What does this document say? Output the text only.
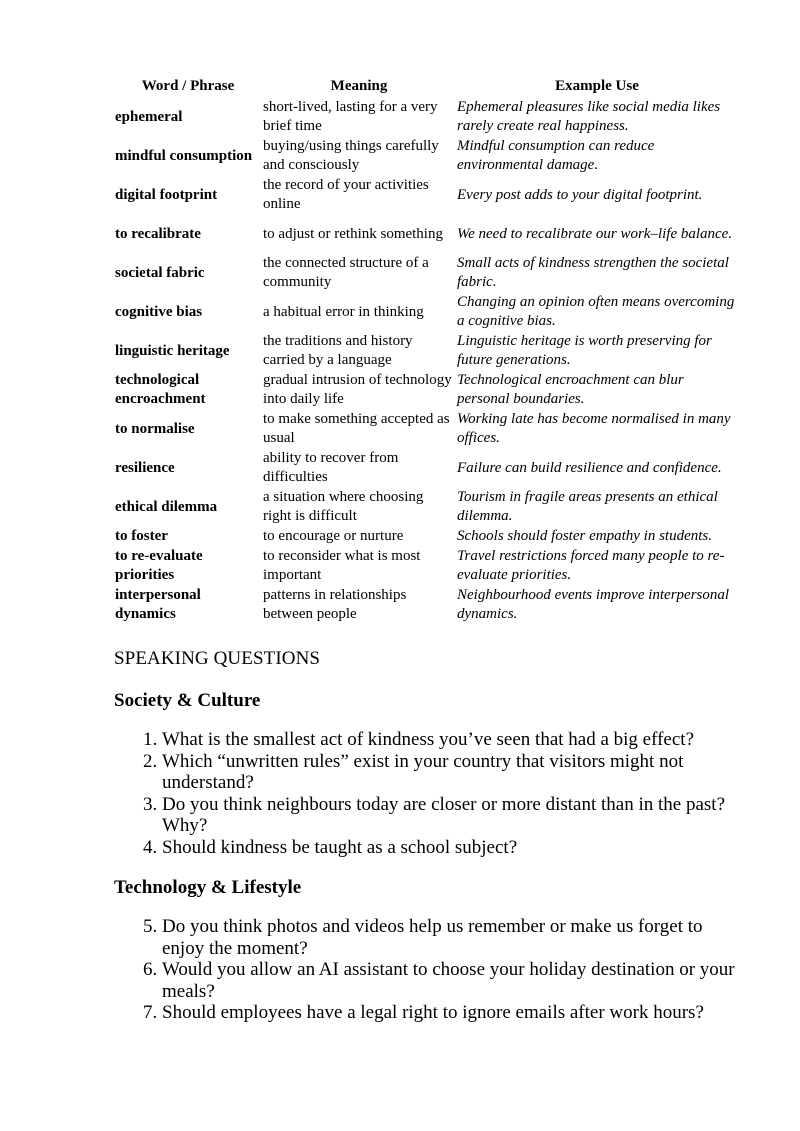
Word / Phrase	Meaning	Example Use
ephemeral	short-lived, lasting for a very brief time	Ephemeral pleasures like social media likes rarely create real happiness.
mindful consumption	buying/using things carefully and consciously	Mindful consumption can reduce environmental damage.
digital footprint	the record of your activities online	Every post adds to your digital footprint.
to recalibrate	to adjust or rethink something	We need to recalibrate our work–life balance.
societal fabric	the connected structure of a community	Small acts of kindness strengthen the societal fabric.
cognitive bias	a habitual error in thinking	Changing an opinion often means overcoming a cognitive bias.
linguistic heritage	the traditions and history carried by a language	Linguistic heritage is worth preserving for future generations.
technological encroachment	gradual intrusion of technology into daily life	Technological encroachment can blur personal boundaries.
to normalise	to make something accepted as usual	Working late has become normalised in many offices.
resilience	ability to recover from difficulties	Failure can build resilience and confidence.
ethical dilemma	a situation where choosing right is difficult	Tourism in fragile areas presents an ethical dilemma.
to foster	to encourage or nurture	Schools should foster empathy in students.
to re-evaluate priorities	to reconsider what is most important	Travel restrictions forced many people to re-evaluate priorities.
interpersonal dynamics	patterns in relationships between people	Neighbourhood events improve interpersonal dynamics.
SPEAKING QUESTIONS
Society & Culture
1. What is the smallest act of kindness you’ve seen that had a big effect?
2. Which “unwritten rules” exist in your country that visitors might not understand?
3. Do you think neighbours today are closer or more distant than in the past? Why?
4. Should kindness be taught as a school subject?
Technology & Lifestyle
5. Do you think photos and videos help us remember or make us forget to enjoy the moment?
6. Would you allow an AI assistant to choose your holiday destination or your meals?
7. Should employees have a legal right to ignore emails after work hours?
